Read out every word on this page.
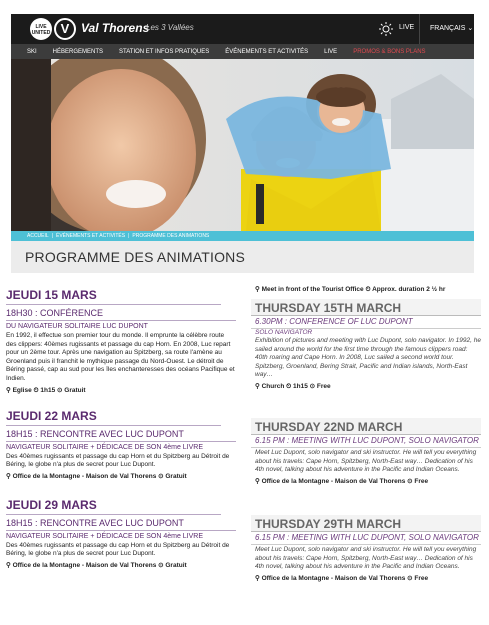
LIVE UNITED V Val Thorens
Les 3 Vallées	LIVE	FRANÇAIS ⌄
SKI	HÉBERGEMENTS	STATION ET INFOS PRATIQUES	ÉVÉNEMENTS ET ACTIVITÉS	LIVE	PROMOS & BONS PLANS
ACCUEIL | ÉVÉNEMENTS ET ACTIVITÉS | PROGRAMME DES ANIMATIONS
PROGRAMME DES ANIMATIONS
JEUDI 15 MARS
18H30 : CONFÉRENCE
DU NAVIGATEUR SOLITAIRE LUC DUPONT
En 1992, il effectue son premier tour du monde. Il emprunte la célèbre route des clippers: 40èmes rugissants et passage du cap Horn. En 2008, Luc repart pour un 2ème tour. Après une navigation au Spitzberg, sa route l'amène au Groenland puis il franchit le mythique passage du Nord-Ouest. Le détroit de Béring passé, cap au sud pour les îles enchanteresses des océans Pacifique et Indien.
⚲ Eglise ⏲ 1h15 ⊙ Gratuit
JEUDI 22 MARS
18H15 : RENCONTRE AVEC LUC DUPONT
NAVIGATEUR SOLITAIRE + DÉDICACE DE SON 4ème LIVRE
Des 40èmes rugissants et passage du cap Horn et du Spitzberg au Détroit de Béring, le globe n'a plus de secret pour Luc Dupont.
⚲ Office de la Montagne - Maison de Val Thorens ⊙ Gratuit
JEUDI 29 MARS
18H15 : RENCONTRE AVEC LUC DUPONT
NAVIGATEUR SOLITAIRE + DÉDICACE DE SON 4ème LIVRE
Des 40èmes rugissants et passage du cap Horn et du Spitzberg au Détroit de Béring, le globe n'a plus de secret pour Luc Dupont.
⚲ Office de la Montagne - Maison de Val Thorens ⊙ Gratuit
⚲ Meet in front of the Tourist Office ⏲ Approx. duration 2 ½ hr
THURSDAY 15TH MARCH
6.30PM : CONFERENCE OF LUC DUPONT
SOLO NAVIGATOR
Exhibition of pictures and meeting with Luc Dupont, solo navigator. In 1992, he sailed around the world for the first time through the famous clippers road: 40th roaring and Cape Horn. In 2008, Luc sailed a second world tour. Spitzberg, Groenland, Bering Strait, Pacific and Indian islands, North-East way…
⚲ Church ⏲ 1h15 ⊙ Free
THURSDAY 22ND MARCH
6.15 PM : MEETING WITH LUC DUPONT, SOLO NAVIGATOR
Meet Luc Dupont, solo navigator and ski instructor. He will tell you everything about his travels: Cape Horn, Spitzberg, North-East way… Dedication of his 4th novel, talking about his adventure in the Pacific and Indian Oceans.
⚲ Office de la Montagne - Maison de Val Thorens ⊙ Free
THURSDAY 29TH MARCH
6.15 PM : MEETING WITH LUC DUPONT, SOLO NAVIGATOR
Meet Luc Dupont, solo navigator and ski instructor. He will tell you everything about his travels: Cape Horn, Spitzberg, North-East way… Dedication of his 4th novel, talking about his adventure in the Pacific and Indian Oceans.
⚲ Office de la Montagne - Maison de Val Thorens ⊙ Free
